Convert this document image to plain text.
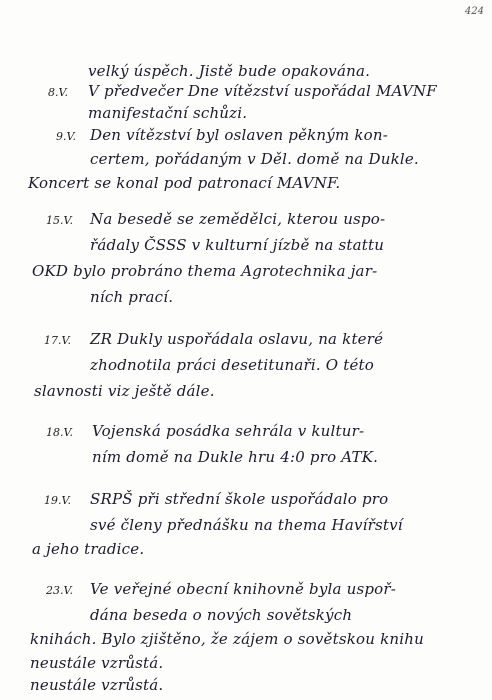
424
velký úspěch. Jistě bude opakována.
8.V. V předvečer Dne vítězství uspořádal MAVNF
manifestační schůzi.
9.V. Den vítězství byl oslaven pěkným kon-
certem, pořádaným v Děl. domě na Dukle.
Koncert se konal pod patronací MAVNF.
15.V. Na besedě se zemědělci, kterou uspo-
řádaly ČSSS v kulturní jízbě na stattu
OKD bylo probráno thema Agrotechnika jar-
ních prací.
17.V. ZR Dukly uspořádala oslavu, na které
zhodnotila práci desetitunaři. O této
slavnosti viz ještě dále.
18.V. Vojenská posádka sehrála v kultur-
ním domě na Dukle hru 4:0 pro ATK.
19.V. SRPŠ při střední škole uspořádalo pro
své členy přednášku na thema Havířství
a jeho tradice.
23.V. Ve veřejné obecní knihovně byla uspoř-
dána beseda o nových sovětských
knihách. Bylo zjištěno, že zájem o sovětskou knihu
neustále vzrůstá.
neustále vzrůstá.
